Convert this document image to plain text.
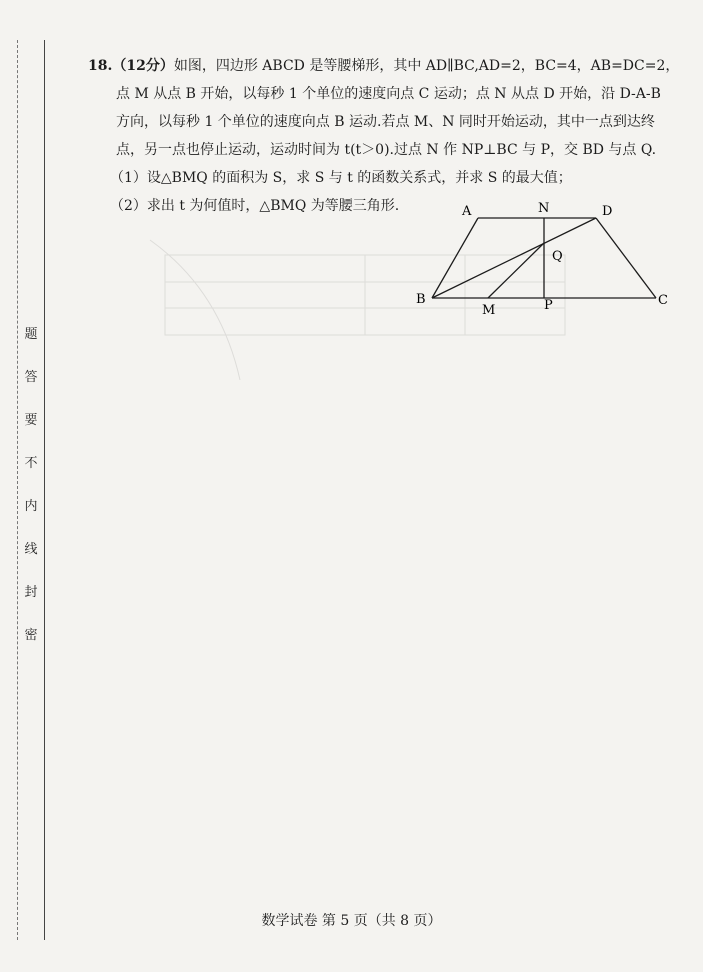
题
答
要
不
内
线
封
密

18.（12分）如图，四边形 ABCD 是等腰梯形，其中 AD∥BC,AD=2，BC=4，AB=DC=2，

点 M 从点 B 开始，以每秒 1 个单位的速度向点 C 运动；点 N 从点 D 开始，沿 D-A-B

方向，以每秒 1 个单位的速度向点 B 运动.若点 M、N 同时开始运动，其中一点到达终

点，另一点也停止运动，运动时间为 t(t＞0).过点 N 作 NP⊥BC 与 P，交 BD 与点 Q.

（1）设△BMQ 的面积为 S，求 S 与 t 的函数关系式，并求 S 的最大值；

（2）求出 t 为何值时，△BMQ 为等腰三角形.	A	N	D
Q
B
M	P	C
数学试卷 第 5 页（共 8 页）
